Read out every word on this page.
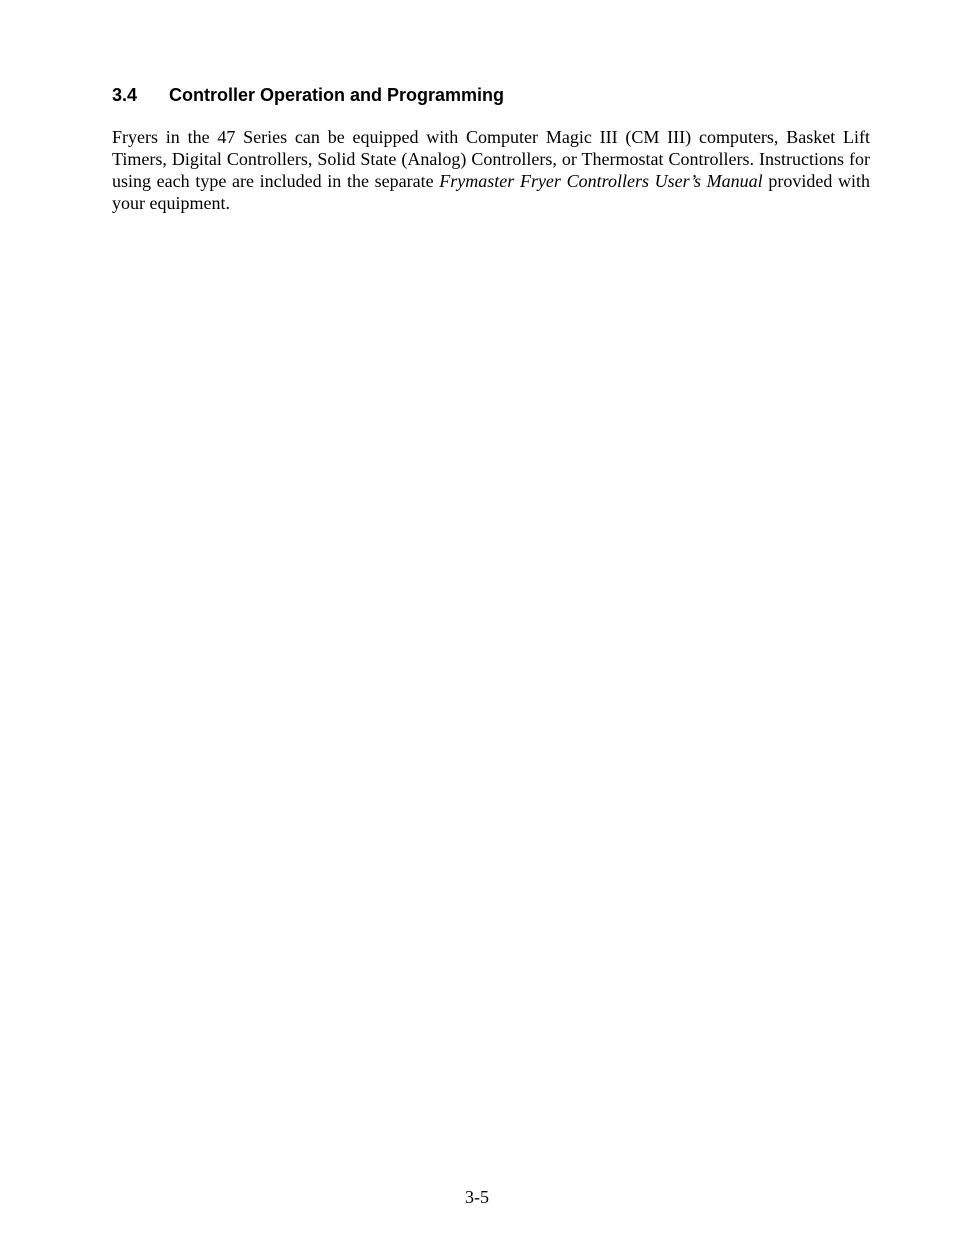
3.4 Controller Operation and Programming

Fryers in the 47 Series can be equipped with Computer Magic III (CM III) computers, Basket Lift Timers, Digital Controllers, Solid State (Analog) Controllers, or Thermostat Controllers. Instructions for using each type are included in the separate Frymaster Fryer Controllers User’s Manual provided with your equipment.

3-5
